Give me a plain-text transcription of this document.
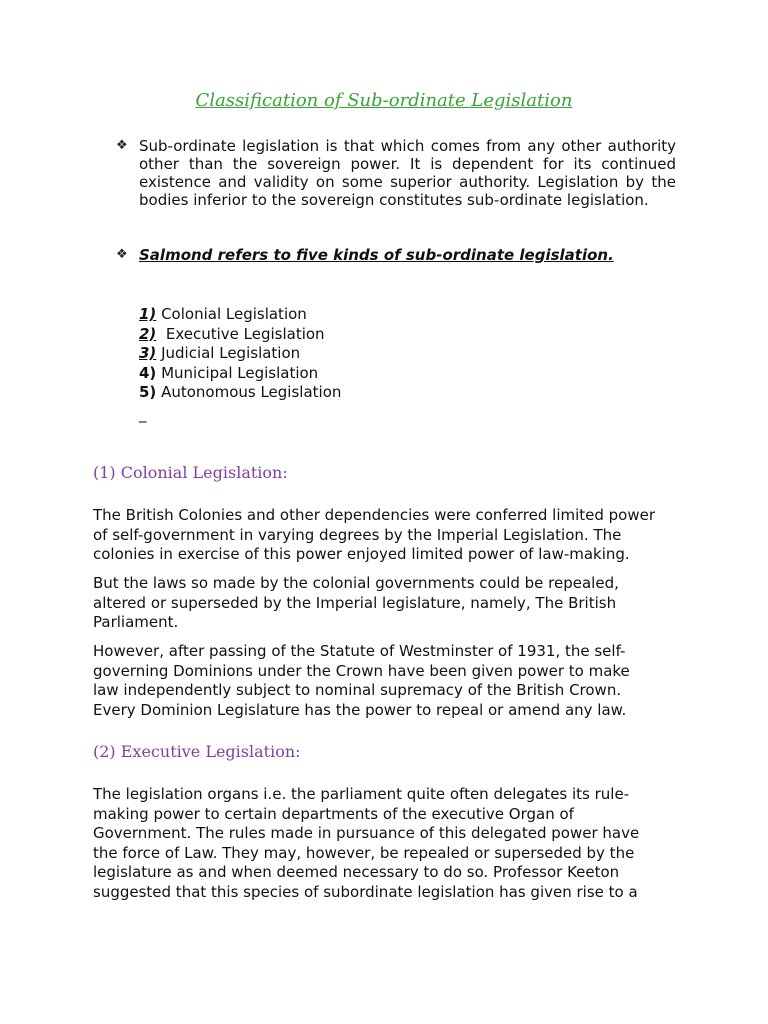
Classification of Sub-ordinate Legislation
❖ Sub-ordinate legislation is that which comes from any other authority other than the sovereign power. It is dependent for its continued existence and validity on some superior authority. Legislation by the bodies inferior to the sovereign constitutes sub-ordinate legislation.
❖ Salmond refers to five kinds of sub-ordinate legislation.
1) Colonial Legislation
2) Executive Legislation
3) Judicial Legislation
4) Municipal Legislation
5) Autonomous Legislation
_
(1) Colonial Legislation:

The British Colonies and other dependencies were conferred limited power
of self-government in varying degrees by the Imperial Legislation. The
colonies in exercise of this power enjoyed limited power of law-making.

But the laws so made by the colonial governments could be repealed,
altered or superseded by the Imperial legislature, namely, The British
Parliament.

However, after passing of the Statute of Westminster of 1931, the self-
governing Dominions under the Crown have been given power to make
law independently subject to nominal supremacy of the British Crown.
Every Dominion Legislature has the power to repeal or amend any law.

(2) Executive Legislation:

The legislation organs i.e. the parliament quite often delegates its rule-
making power to certain departments of the executive Organ of
Government. The rules made in pursuance of this delegated power have
the force of Law. They may, however, be repealed or superseded by the
legislature as and when deemed necessary to do so. Professor Keeton
suggested that this species of subordinate legislation has given rise to a
